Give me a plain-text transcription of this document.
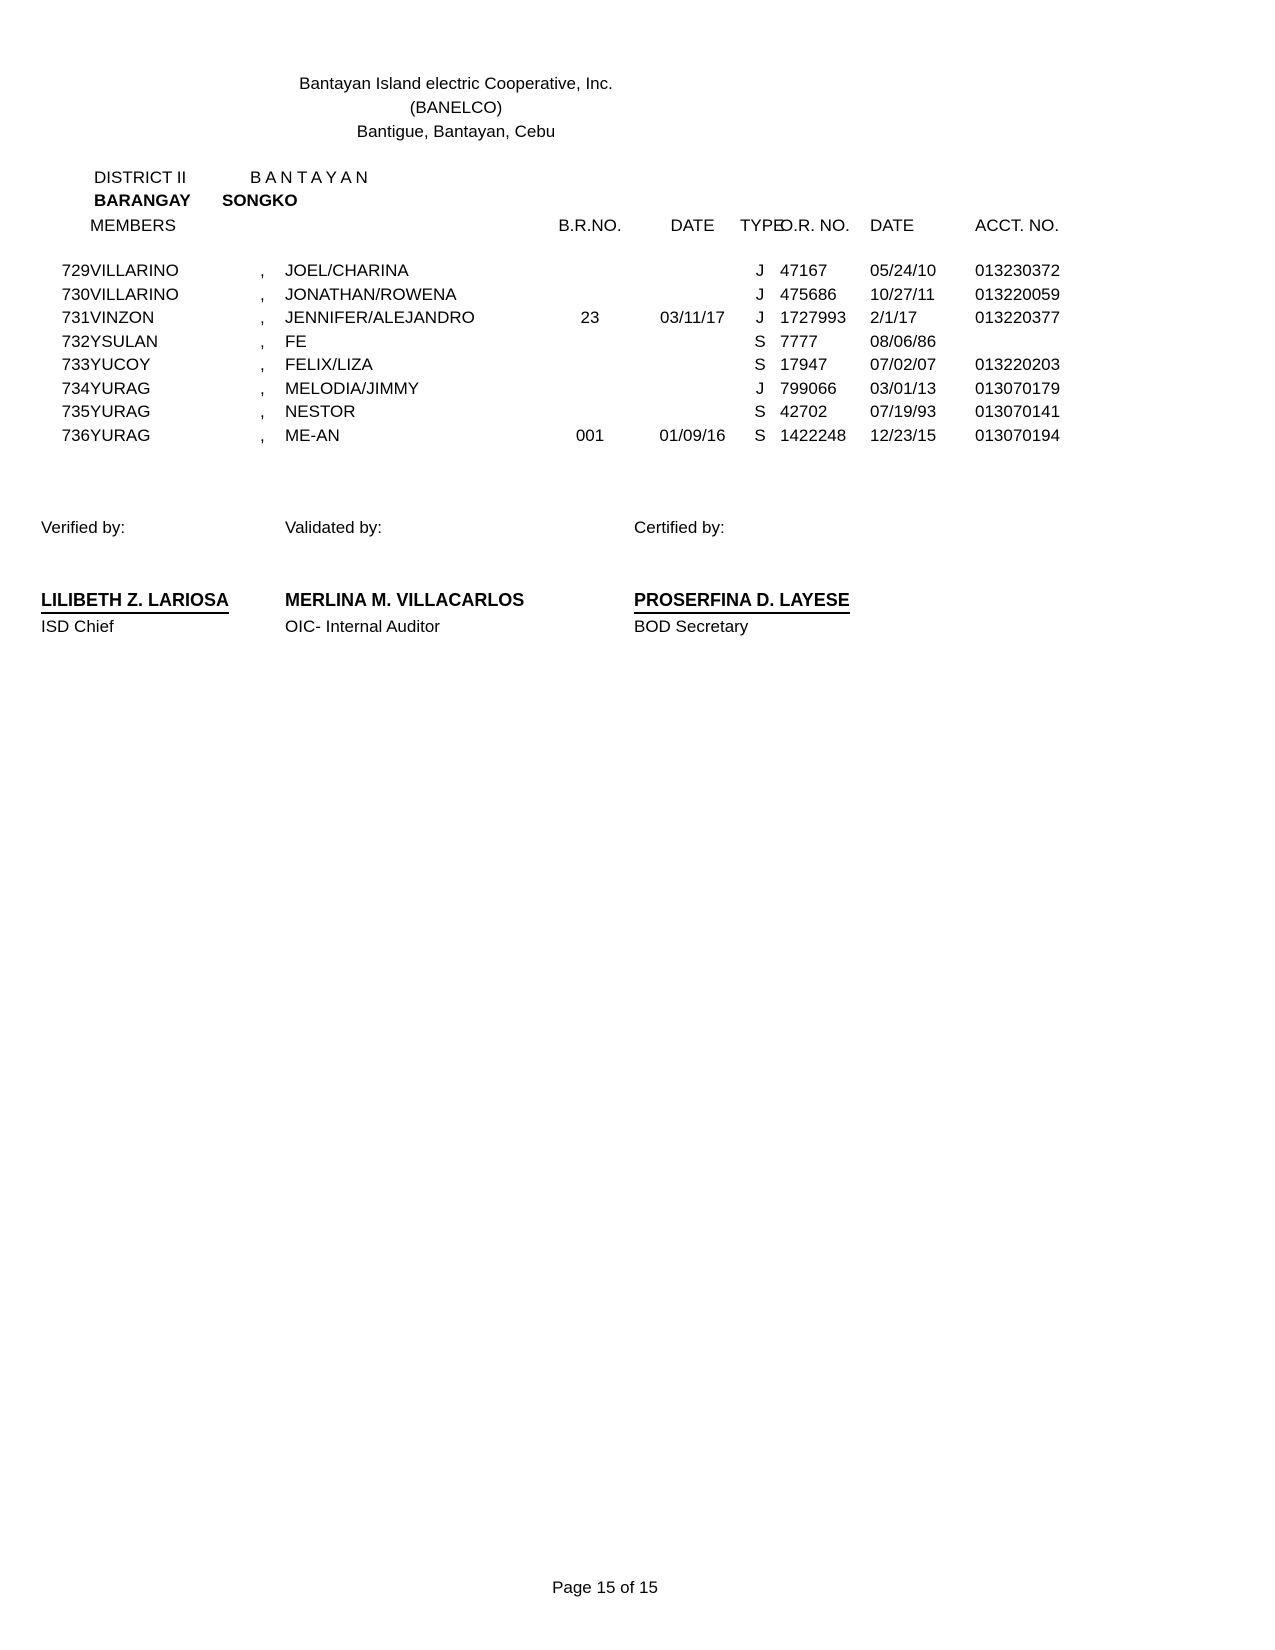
Bantayan Island electric Cooperative, Inc.
(BANELCO)
Bantigue, Bantayan, Cebu
DISTRICT II	B A N T A Y A N
BARANGAY SONGKO
	MEMBERS			B.R.NO.	DATE	TYPE	O.R. NO.	DATE	ACCT. NO.

729	VILLARINO	,	JOEL/CHARINA			J	47167	05/24/10	013230372
730	VILLARINO	,	JONATHAN/ROWENA			J	475686	10/27/11	013220059
731	VINZON	,	JENNIFER/ALEJANDRO	23	03/11/17	J	1727993	2/1/17	013220377
732	YSULAN	,	FE			S	7777	08/06/86	
733	YUCOY	,	FELIX/LIZA			S	17947	07/02/07	013220203
734	YURAG	,	MELODIA/JIMMY			J	799066	03/01/13	013070179
735	YURAG	,	NESTOR			S	42702	07/19/93	013070141
736	YURAG	,	ME-AN	001	01/09/16	S	1422248	12/23/15	013070194
Verified by:
LILIBETH Z. LARIOSA
ISD Chief
Validated by:
MERLINA M. VILLACARLOS
OIC- Internal Auditor
Certified by:
PROSERFINA D. LAYESE
BOD Secretary
Page 15 of 15
